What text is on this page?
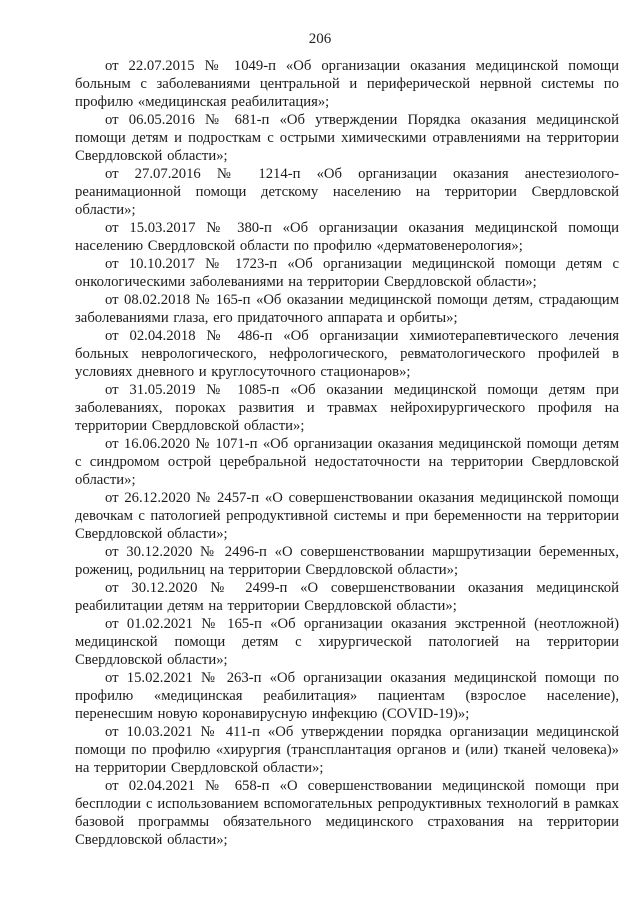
206

от 22.07.2015 № 1049-п «Об организации оказания медицинской помощи больным с заболеваниями центральной и периферической нервной системы по профилю «медицинская реабилитация»;

от 06.05.2016 № 681-п «Об утверждении Порядка оказания медицинской помощи детям и подросткам с острыми химическими отравлениями на территории Свердловской области»;

от 27.07.2016 № 1214-п «Об организации оказания анестезиолого-реанимационной помощи детскому населению на территории Свердловской области»;

от 15.03.2017 № 380-п «Об организации оказания медицинской помощи населению Свердловской области по профилю «дерматовенерология»;

от 10.10.2017 № 1723-п «Об организации медицинской помощи детям с онкологическими заболеваниями на территории Свердловской области»;

от 08.02.2018 № 165-п «Об оказании медицинской помощи детям, страдающим заболеваниями глаза, его придаточного аппарата и орбиты»;

от 02.04.2018 № 486-п «Об организации химиотерапевтического лечения больных неврологического, нефрологического, ревматологического профилей в условиях дневного и круглосуточного стационаров»;

от 31.05.2019 № 1085-п «Об оказании медицинской помощи детям при заболеваниях, пороках развития и травмах нейрохирургического профиля на территории Свердловской области»;

от 16.06.2020 № 1071-п «Об организации оказания медицинской помощи детям с синдромом острой церебральной недостаточности на территории Свердловской области»;

от 26.12.2020 № 2457-п «О совершенствовании оказания медицинской помощи девочкам с патологией репродуктивной системы и при беременности на территории Свердловской области»;

от 30.12.2020 № 2496-п «О совершенствовании маршрутизации беременных, рожениц, родильниц на территории Свердловской области»;

от 30.12.2020 № 2499-п «О совершенствовании оказания медицинской реабилитации детям на территории Свердловской области»;

от 01.02.2021 № 165-п «Об организации оказания экстренной (неотложной) медицинской помощи детям с хирургической патологией на территории Свердловской области»;

от 15.02.2021 № 263-п «Об организации оказания медицинской помощи по профилю «медицинская реабилитация» пациентам (взрослое население), перенесшим новую коронавирусную инфекцию (COVID-19)»;

от 10.03.2021 № 411-п «Об утверждении порядка организации медицинской помощи по профилю «хирургия (трансплантация органов и (или) тканей человека)» на территории Свердловской области»;

от 02.04.2021 № 658-п «О совершенствовании медицинской помощи при бесплодии с использованием вспомогательных репродуктивных технологий в рамках базовой программы обязательного медицинского страхования на территории Свердловской области»;
